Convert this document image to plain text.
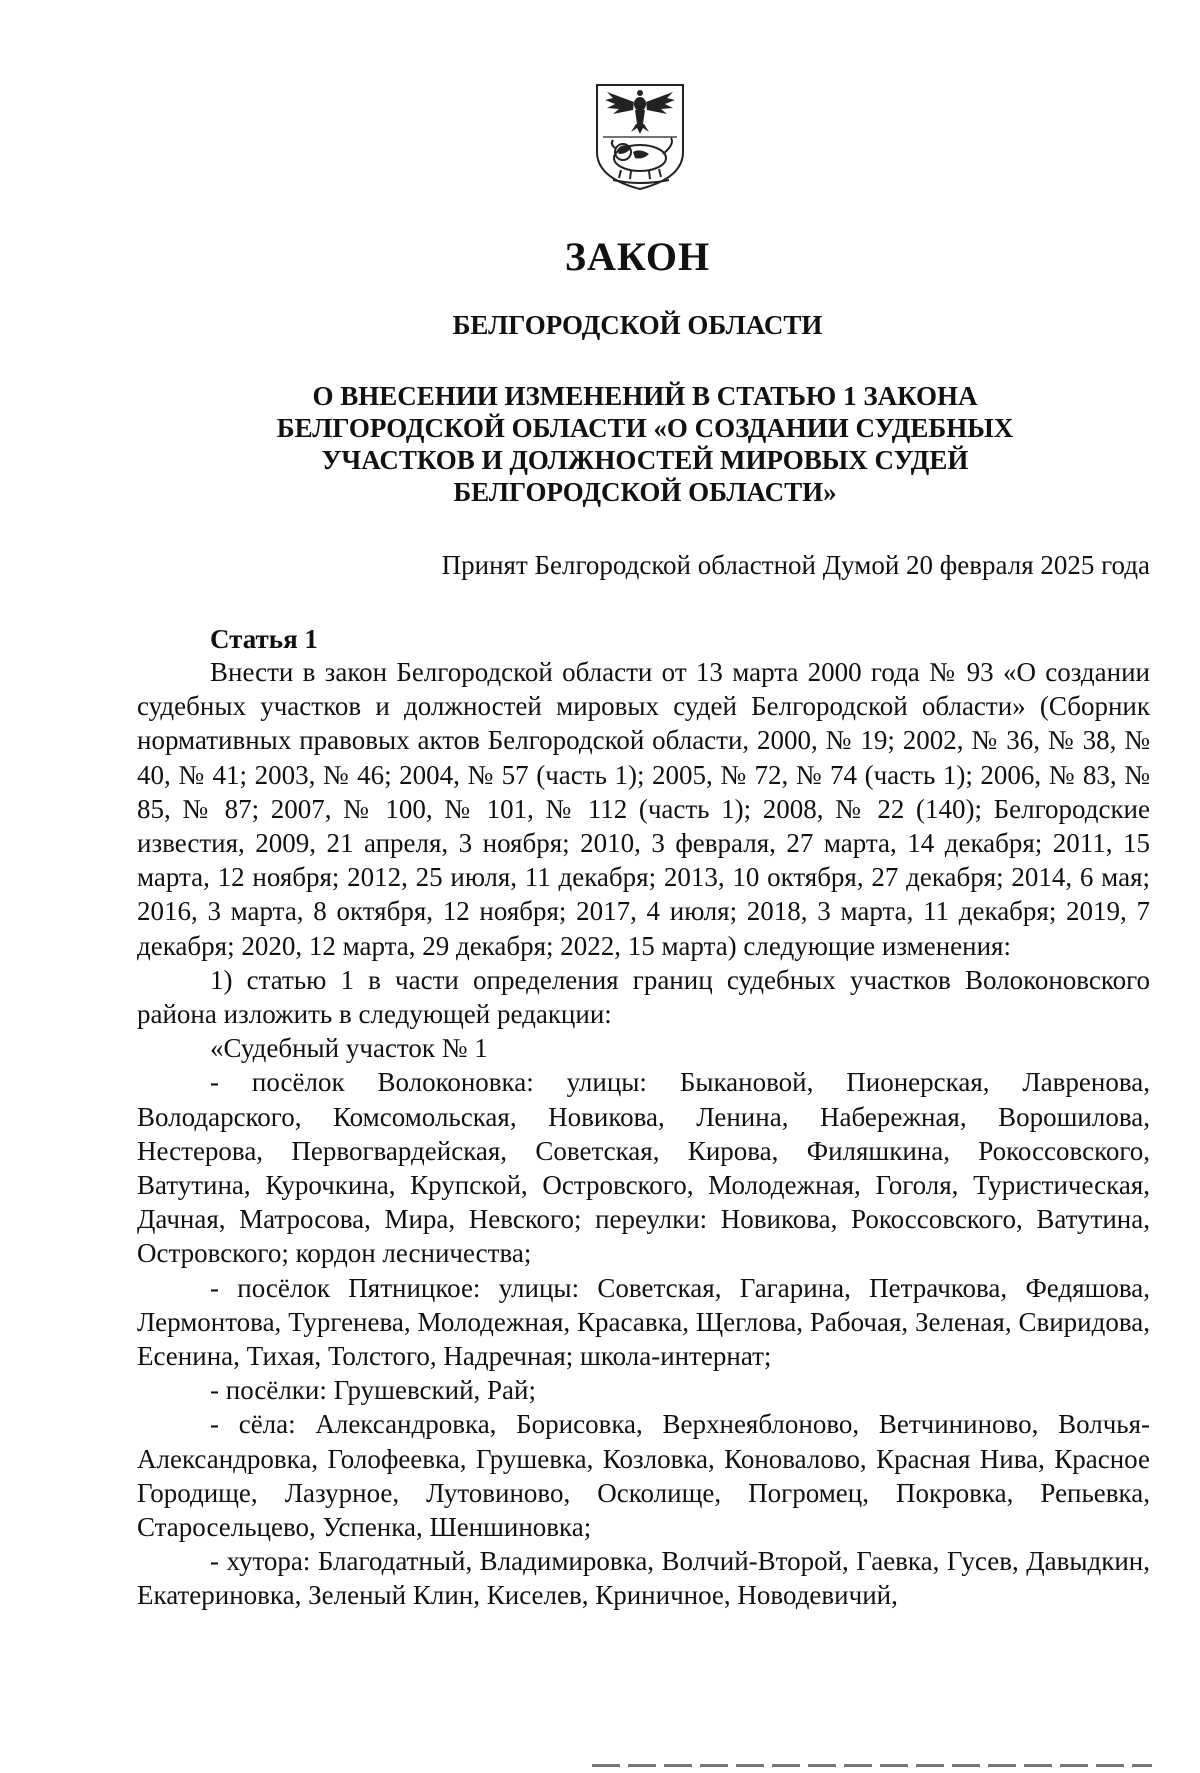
ЗАКОН
БЕЛГОРОДСКОЙ ОБЛАСТИ
О ВНЕСЕНИИ ИЗМЕНЕНИЙ В СТАТЬЮ 1 ЗАКОНА
БЕЛГОРОДСКОЙ ОБЛАСТИ «О СОЗДАНИИ СУДЕБНЫХ
УЧАСТКОВ И ДОЛЖНОСТЕЙ МИРОВЫХ СУДЕЙ
БЕЛГОРОДСКОЙ ОБЛАСТИ»
Принят Белгородской областной Думой 20 февраля 2025 года
Статья 1

Внести в закон Белгородской области от 13 марта 2000 года № 93 «О создании судебных участков и должностей мировых судей Белгородской области» (Сборник нормативных правовых актов Белгородской области, 2000, № 19; 2002, № 36, № 38, № 40, № 41; 2003, № 46; 2004, № 57 (часть 1); 2005, № 72, № 74 (часть 1); 2006, № 83, № 85, № 87; 2007, № 100, № 101, № 112 (часть 1); 2008, № 22 (140); Белгородские известия, 2009, 21 апреля, 3 ноября; 2010, 3 февраля, 27 марта, 14 декабря; 2011, 15 марта, 12 ноября; 2012, 25 июля, 11 декабря; 2013, 10 октября, 27 декабря; 2014, 6 мая; 2016, 3 марта, 8 октября, 12 ноября; 2017, 4 июля; 2018, 3 марта, 11 декабря; 2019, 7 декабря; 2020, 12 марта, 29 декабря; 2022, 15 марта) следующие изменения:

1) статью 1 в части определения границ судебных участков Волоконовского района изложить в следующей редакции:

«Судебный участок № 1

- посёлок Волоконовка: улицы: Быкановой, Пионерская, Лавренова, Володарского, Комсомольская, Новикова, Ленина, Набережная, Ворошилова, Нестерова, Первогвардейская, Советская, Кирова, Филяшкина, Рокоссовского, Ватутина, Курочкина, Крупской, Островского, Молодежная, Гоголя, Туристическая, Дачная, Матросова, Мира, Невского; переулки: Новикова, Рокоссовского, Ватутина, Островского; кордон лесничества;

- посёлок Пятницкое: улицы: Советская, Гагарина, Петрачкова, Федяшова, Лермонтова, Тургенева, Молодежная, Красавка, Щеглова, Рабочая, Зеленая, Свиридова, Есенина, Тихая, Толстого, Надречная; школа-интернат;

- посёлки: Грушевский, Рай;

- сёла: Александровка, Борисовка, Верхнеяблоново, Ветчининово, Волчья-Александровка, Голофеевка, Грушевка, Козловка, Коновалово, Красная Нива, Красное Городище, Лазурное, Лутовиново, Осколище, Погромец, Покровка, Репьевка, Старосельцево, Успенка, Шеншиновка;

- хутора: Благодатный, Владимировка, Волчий-Второй, Гаевка, Гусев, Давыдкин, Екатериновка, Зеленый Клин, Киселев, Криничное, Новодевичий,
